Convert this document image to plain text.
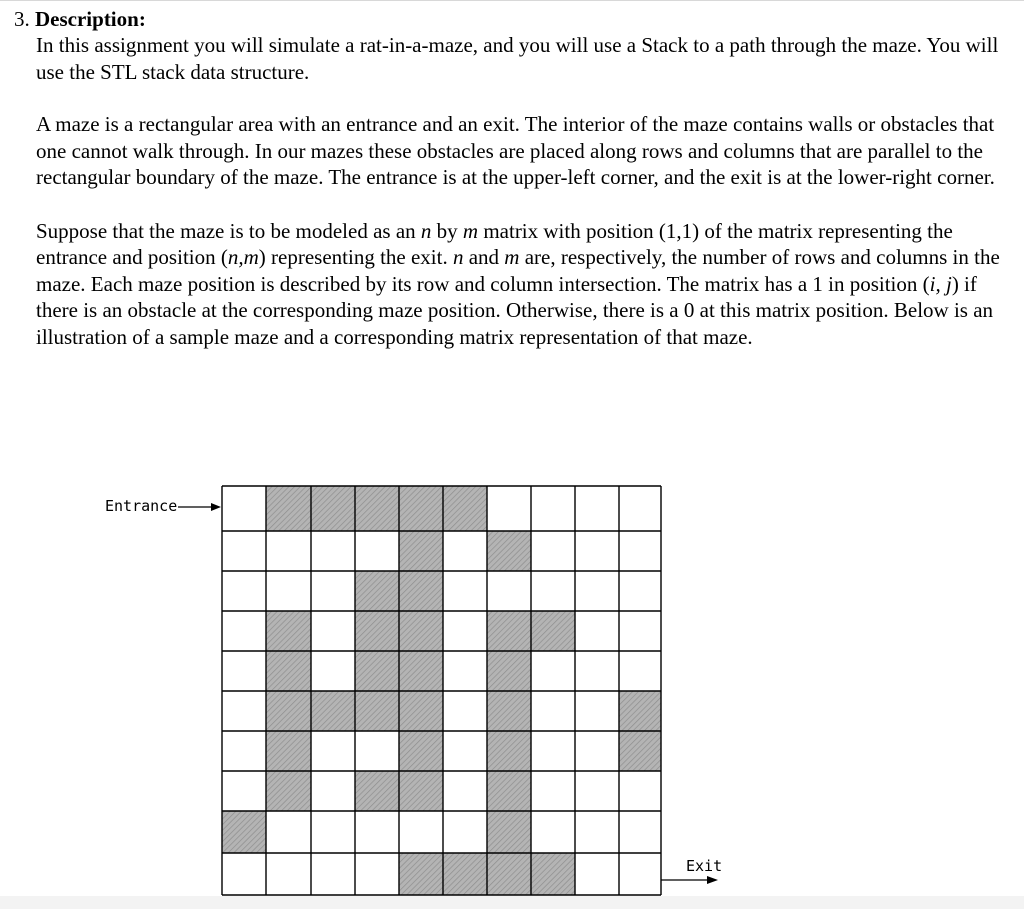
3. Description:

In this assignment you will simulate a rat-in-a-maze, and you will use a Stack to a path through the maze. You will use the STL stack data structure.

A maze is a rectangular area with an entrance and an exit. The interior of the maze contains walls or obstacles that one cannot walk through. In our mazes these obstacles are placed along rows and columns that are parallel to the rectangular boundary of the maze. The entrance is at the upper-left corner, and the exit is at the lower-right corner.

Suppose that the maze is to be modeled as an n by m matrix with position (1,1) of the matrix representing the entrance and position (n,m) representing the exit. n and m are, respectively, the number of rows and columns in the maze. Each maze position is described by its row and column intersection. The matrix has a 1 in position (i, j) if there is an obstacle at the corresponding maze position. Otherwise, there is a 0 at this matrix position. Below is an illustration of a sample maze and a corresponding matrix representation of that maze.

Entrance
Exit
